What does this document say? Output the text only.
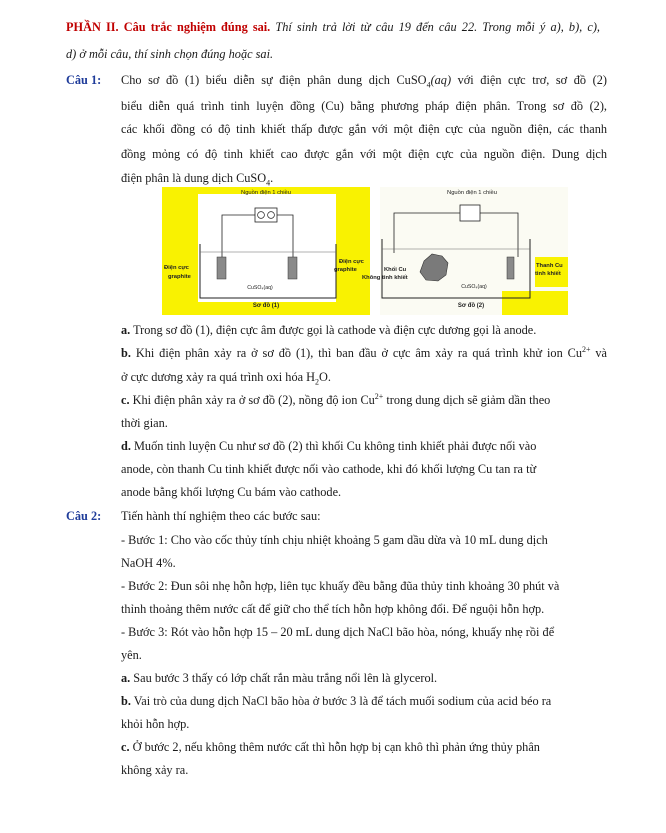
PHẦN II. Câu trắc nghiệm đúng sai. Thí sinh trả lời từ câu 19 đến câu 22. Trong mỗi ý a), b), c),
d) ở mỗi câu, thí sinh chọn đúng hoặc sai.
Câu 1: Cho sơ đồ (1) biểu diễn sự điện phân dung dịch CuSO$_4$(aq) với điện cực trơ, sơ đồ (2)
biểu diễn quá trình tinh luyện đồng (Cu) bằng phương pháp điện phân. Trong sơ đồ (2),
các khối đồng có độ tinh khiết thấp được gắn với một điện cực của nguồn điện, các thanh
đồng mỏng có độ tinh khiết cao được gắn với một điện cực của nguồn điện. Dung dịch
điện phân là dung dịch CuSO$_4$.
Nguồn điện 1 chiều
Điện cực
graphite
Điện cực
graphite
CuSO₄(aq)
Sơ đồ (1)
Nguồn điện 1 chiều
Khối Cu
Không tinh khiết
Thanh Cu
tinh khiết
CuSO₄(aq)
Sơ đồ (2)
a. Trong sơ đồ (1), điện cực âm được gọi là cathode và điện cực dương gọi là anode.
b. Khi điện phân xảy ra ở sơ đồ (1), thì ban đầu ở cực âm xảy ra quá trình khử ion $Cu^{2+}$ và
ở cực dương xảy ra quá trình oxi hóa $H_2O$.
c. Khi điện phân xảy ra ở sơ đồ (2), nồng độ ion $Cu^{2+}$ trong dung dịch sẽ giảm dần theo
thời gian.
d. Muốn tinh luyện Cu như sơ đồ (2) thì khối Cu không tinh khiết phải được nối vào
anode, còn thanh Cu tinh khiết được nối vào cathode, khi đó khối lượng Cu tan ra từ
anode bằng khối lượng Cu bám vào cathode.
Câu 2: Tiến hành thí nghiệm theo các bước sau:
- Bước 1: Cho vào cốc thủy tính chịu nhiệt khoảng 5 gam dầu dừa và 10 mL dung dịch
NaOH 4%.
- Bước 2: Đun sôi nhẹ hỗn hợp, liên tục khuấy đều bằng đũa thủy tinh khoảng 30 phút và
thỉnh thoảng thêm nước cất để giữ cho thể tích hỗn hợp không đổi. Để nguội hỗn hợp.
- Bước 3: Rót vào hỗn hợp 15 – 20 mL dung dịch NaCl bão hòa, nóng, khuấy nhẹ rồi để
yên.
a. Sau bước 3 thấy có lớp chất rắn màu trắng nổi lên là glycerol.
b. Vai trò của dung dịch NaCl bão hòa ở bước 3 là để tách muối sodium của acid béo ra
khỏi hỗn hợp.
c. Ở bước 2, nếu không thêm nước cất thì hỗn hợp bị cạn khô thì phản ứng thủy phân
không xảy ra.
